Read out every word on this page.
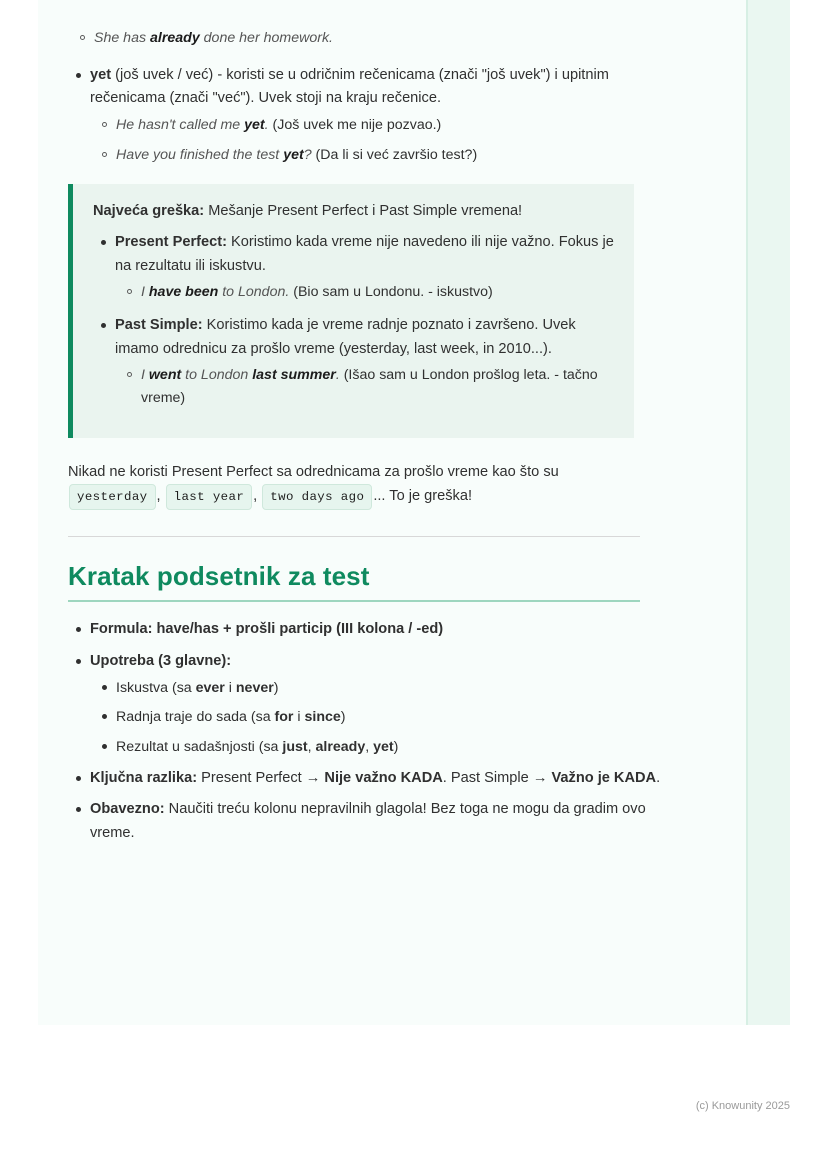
She has already done her homework.
yet (još uvek / već) - koristi se u odričnim rečenicama (znači "još uvek") i upitnim rečenicama (znači "već"). Uvek stoji na kraju rečenice.
He hasn't called me yet. (Još uvek me nije pozvao.)
Have you finished the test yet? (Da li si već završio test?)
Najveća greška: Mešanje Present Perfect i Past Simple vremena!
Present Perfect: Koristimo kada vreme nije navedeno ili nije važno. Fokus je na rezultatu ili iskustvu.
I have been to London. (Bio sam u Londonu. - iskustvo)
Past Simple: Koristimo kada je vreme radnje poznato i završeno. Uvek imamo odrednicu za prošlo vreme (yesterday, last week, in 2010...).
I went to London last summer. (Išao sam u London prošlog leta. - tačno vreme)
Nikad ne koristi Present Perfect sa odrednicama za prošlo vreme kao što su yesterday , last year , two days ago ... To je greška!
Kratak podsetnik za test
Formula: have/has + prošli particip (III kolona / -ed)
Upotreba (3 glavne):
Iskustva (sa ever i never)
Radnja traje do sada (sa for i since)
Rezultat u sadašnjosti (sa just, already, yet)
Ključna razlika: Present Perfect → Nije važno KADA. Past Simple → Važno je KADA.
Obavezno: Naučiti treću kolonu nepravilnih glagola! Bez toga ne mogu da gradim ovo vreme.
(c) Knowunity 2025
